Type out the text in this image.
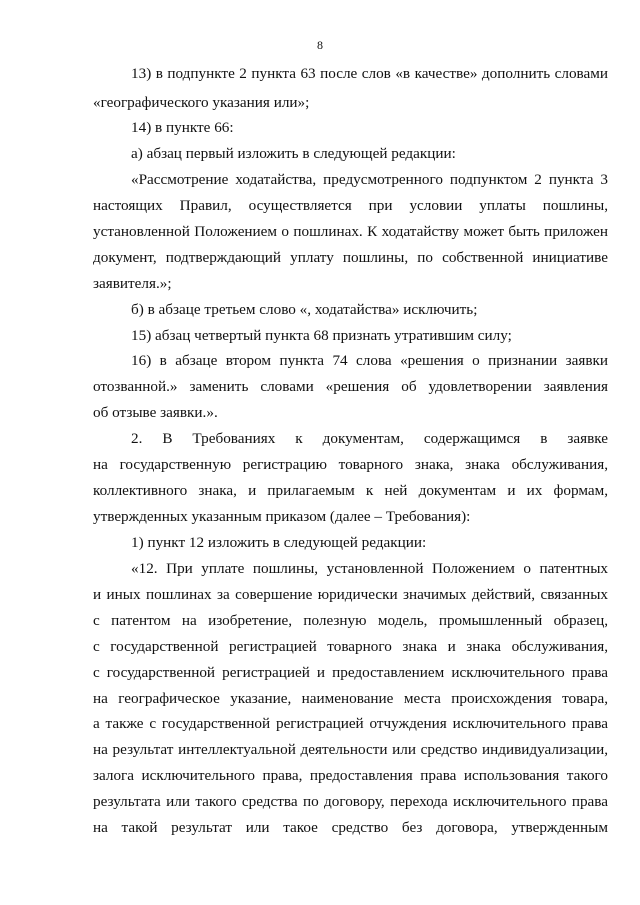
8
13) в подпункте 2 пункта 63 после слов «в качестве» дополнить словами
«географического указания или»;
14) в пункте 66:
а) абзац первый изложить в следующей редакции:
«Рассмотрение ходатайства, предусмотренного подпунктом 2 пункта 3
настоящих Правил, осуществляется при условии уплаты пошлины,
установленной Положением о пошлинах. К ходатайству может быть приложен
документ, подтверждающий уплату пошлины, по собственной инициативе
заявителя.»;
б) в абзаце третьем слово «, ходатайства» исключить;
15) абзац четвертый пункта 68 признать утратившим силу;
16) в абзаце втором пункта 74 слова «решения о признании заявки
отозванной.» заменить словами «решения об удовлетворении заявления
об отзыве заявки.».
2. В Требованиях к документам, содержащимся в заявке
на государственную регистрацию товарного знака, знака обслуживания,
коллективного знака, и прилагаемым к ней документам и их формам,
утвержденных указанным приказом (далее – Требования):
1) пункт 12 изложить в следующей редакции:
«12. При уплате пошлины, установленной Положением о патентных
и иных пошлинах за совершение юридически значимых действий, связанных
с патентом на изобретение, полезную модель, промышленный образец,
с государственной регистрацией товарного знака и знака обслуживания,
с государственной регистрацией и предоставлением исключительного права
на географическое указание, наименование места происхождения товара,
а также с государственной регистрацией отчуждения исключительного права
на результат интеллектуальной деятельности или средство индивидуализации,
залога исключительного права, предоставления права использования такого
результата или такого средства по договору, перехода исключительного права
на такой результат или такое средство без договора, утвержденным
